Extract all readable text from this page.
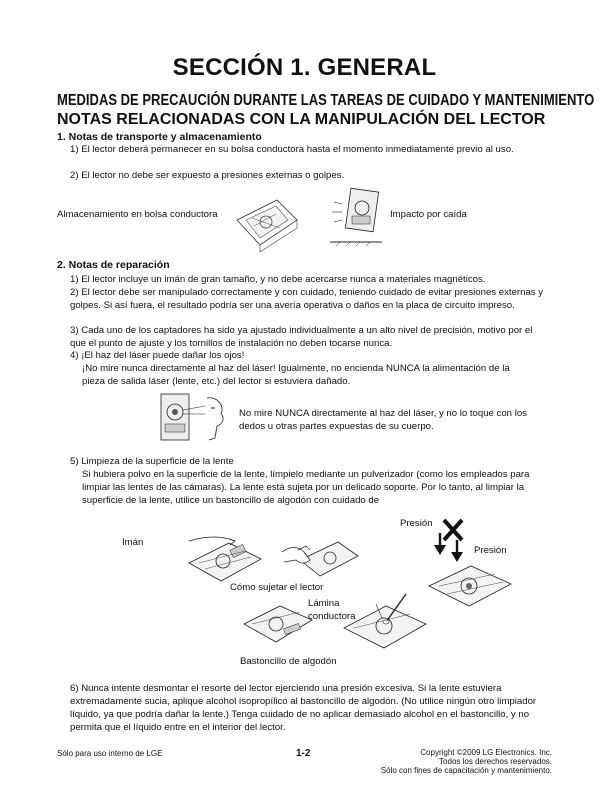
SECCIÓN 1. GENERAL
MEDIDAS DE PRECAUCIÓN DURANTE LAS TAREAS DE CUIDADO Y MANTENIMIENTO
NOTAS RELACIONADAS CON LA MANIPULACIÓN DEL LECTOR
1. Notas de transporte y almacenamiento
1) El lector deberá permanecer en su bolsa conductora hasta el momento inmediatamente previo al uso.
2) El lector no debe ser expuesto a presiones externas o golpes.
Almacenamiento en bolsa conductora	Impacto por caída
2. Notas de reparación
1) El lector incluye un imán de gran tamaño, y no debe acercarse nunca a materiales magnéticos.
2) El lector debe ser manipulado correctamente y con cuidado, teniendo cuidado de evitar presiones externas y golpes. Si así fuera, el resultado podría ser una avería operativa o daños en la placa de circuito impreso.
3) Cada uno de los captadores ha sido ya ajustado individualmente a un alto nivel de precisión, motivo por el que el punto de ajuste y los tornillos de instalación no deben tocarse nunca.
4) ¡El haz del láser puede dañar los ojos!
¡No mire nunca directamente al haz del láser! Igualmente, no encienda NUNCA la alimentación de la pieza de salida láser (lente, etc.) del lector si estuviera dañado.
No mire NUNCA directamente al haz del láser, y no lo toque con los dedos u otras partes expuestas de su cuerpo.
5) Limpieza de la superficie de la lente
Si hubiera polvo en la superficie de la lente, límpielo mediante un pulverizador (como los empleados para limpiar las lentes de las cámaras). La lente está sujeta por un delicado soporte. Por lo tanto, al limpiar la superficie de la lente, utilice un bastoncillo de algodón con cuidado de
Imán
Presión
Presión
Cómo sujetar el lector
Lámina conductora
Bastoncillo de algodón
6) Nunca intente desmontar el resorte del lector ejerciendo una presión excesiva. Si la lente estuviera extremadamente sucia, aplique alcohol isopropílico al bastoncillo de algodón. (No utilice ningún otro limpiador líquido, ya que podría dañar la lente.) Tenga cuidado de no aplicar demasiado alcohol en el bastoncillo, y no permita que el líquido entre en el interior del lector.
Sólo para uso interno de LGE	1-2	Copyright ©2009 LG Electronics. Inc.
Todos los derechos reservados.
Sólo con fines de capacitación y mantenimiento.
